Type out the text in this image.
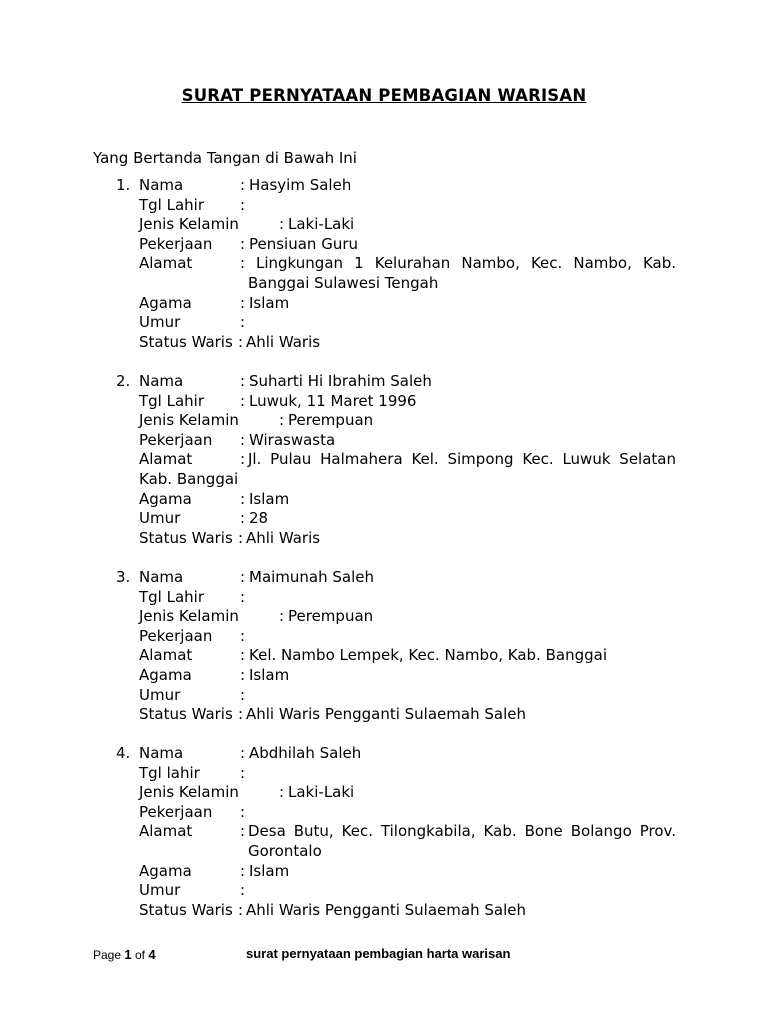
SURAT PERNYATAAN PEMBAGIAN WARISAN
Yang Bertanda Tangan di Bawah Ini
1. Nama	: Hasyim Saleh
Tgl Lahir :
Jenis Kelamin	: Laki-Laki
Pekerjaan : Pensiuan Guru
Alamat	: Lingkungan 1 Kelurahan Nambo, Kec. Nambo, Kab. Banggai Sulawesi Tengah
Agama	: Islam
Umur	:
Status Waris : Ahli Waris
2. Nama	: Suharti Hi Ibrahim Saleh
Tgl Lahir : Luwuk, 11 Maret 1996
Jenis Kelamin	: Perempuan
Pekerjaan : Wiraswasta
Alamat	: Jl. Pulau Halmahera Kel. Simpong Kec. Luwuk Selatan Kab. Banggai
Agama	: Islam
Umur	: 28
Status Waris : Ahli Waris
3. Nama	: Maimunah Saleh
Tgl Lahir :
Jenis Kelamin	: Perempuan
Pekerjaan :
Alamat	: Kel. Nambo Lempek, Kec. Nambo, Kab. Banggai
Agama	: Islam
Umur	:
Status Waris : Ahli Waris Pengganti Sulaemah Saleh
4. Nama	: Abdhilah Saleh
Tgl lahir	:
Jenis Kelamin	: Laki-Laki
Pekerjaan :
Alamat	: Desa Butu, Kec. Tilongkabila, Kab. Bone Bolango Prov. Gorontalo
Agama	: Islam
Umur	:
Status Waris : Ahli Waris Pengganti Sulaemah Saleh
Page 1 of 4	surat pernyataan pembagian harta warisan
